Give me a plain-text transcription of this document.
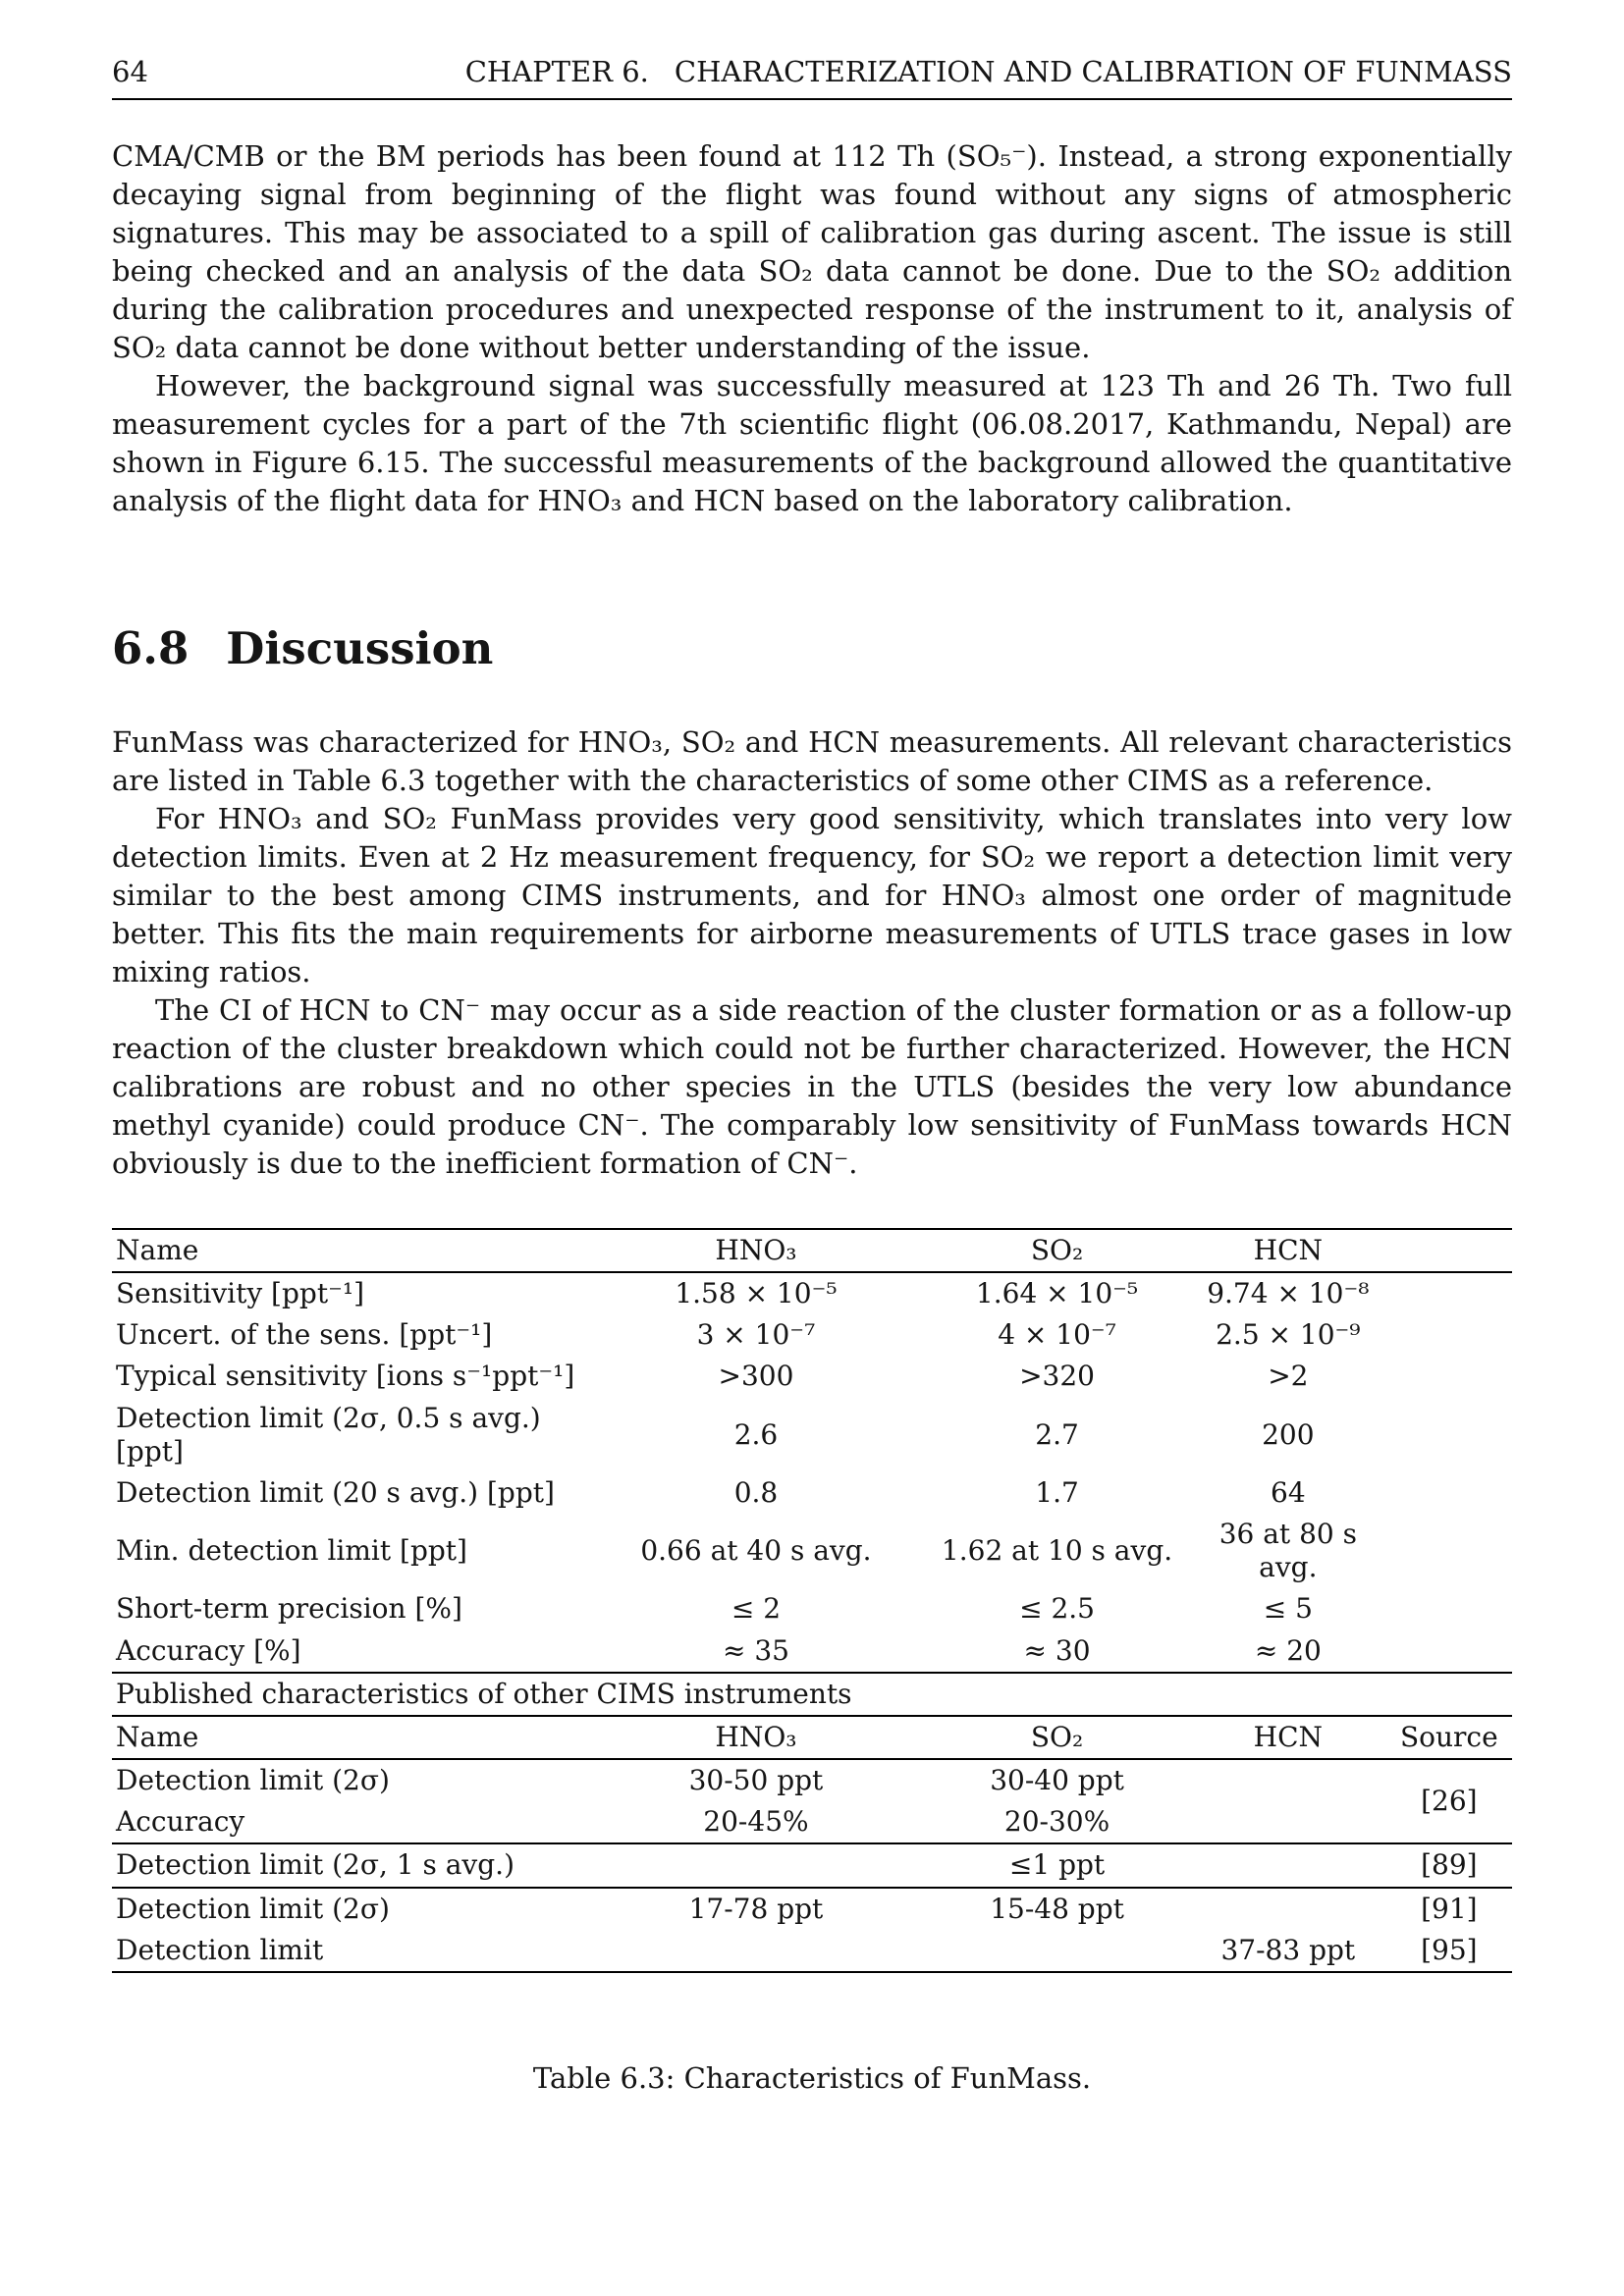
64	CHAPTER 6. CHARACTERIZATION AND CALIBRATION OF FUNMASS

CMA/CMB or the BM periods has been found at 112 Th (SO₅⁻). Instead, a strong exponentially decaying signal from beginning of the flight was found without any signs of atmospheric signatures. This may be associated to a spill of calibration gas during ascent. The issue is still being checked and an analysis of the data SO₂ data cannot be done. Due to the SO₂ addition during the calibration procedures and unexpected response of the instrument to it, analysis of SO₂ data cannot be done without better understanding of the issue.

However, the background signal was successfully measured at 123 Th and 26 Th. Two full measurement cycles for a part of the 7th scientific flight (06.08.2017, Kathmandu, Nepal) are shown in Figure 6.15. The successful measurements of the background allowed the quantitative analysis of the flight data for HNO₃ and HCN based on the laboratory calibration.

6.8 Discussion

FunMass was characterized for HNO₃, SO₂ and HCN measurements. All relevant characteristics are listed in Table 6.3 together with the characteristics of some other CIMS as a reference.

For HNO₃ and SO₂ FunMass provides very good sensitivity, which translates into very low detection limits. Even at 2 Hz measurement frequency, for SO₂ we report a detection limit very similar to the best among CIMS instruments, and for HNO₃ almost one order of magnitude better. This fits the main requirements for airborne measurements of UTLS trace gases in low mixing ratios.

The CI of HCN to CN⁻ may occur as a side reaction of the cluster formation or as a follow-up reaction of the cluster breakdown which could not be further characterized. However, the HCN calibrations are robust and no other species in the UTLS (besides the very low abundance methyl cyanide) could produce CN⁻. The comparably low sensitivity of FunMass towards HCN obviously is due to the inefficient formation of CN⁻.

Name	HNO₃	SO₂	HCN	
Sensitivity [ppt⁻¹]	1.58 × 10⁻⁵	1.64 × 10⁻⁵	9.74 × 10⁻⁸	
Uncert. of the sens. [ppt⁻¹]	3 × 10⁻⁷	4 × 10⁻⁷	2.5 × 10⁻⁹	
Typical sensitivity [ions s⁻¹ppt⁻¹]	>300	>320	>2	
Detection limit (2σ, 0.5 s avg.) [ppt]	2.6	2.7	200	
Detection limit (20 s avg.) [ppt]	0.8	1.7	64	
Min. detection limit [ppt]	0.66 at 40 s avg.	1.62 at 10 s avg.	36 at 80 s avg.	
Short-term precision [%]	≤ 2	≤ 2.5	≤ 5	
Accuracy [%]	≈ 35	≈ 30	≈ 20	
Published characteristics of other CIMS instruments				
Name	HNO₃	SO₂	HCN	Source
Detection limit (2σ)	30-50 ppt	30-40 ppt		[26]
Accuracy	20-45%	20-30%		
Detection limit (2σ, 1 s avg.)		≤1 ppt		[89]
Detection limit (2σ)	17-78 ppt	15-48 ppt		[91]
Detection limit			37-83 ppt	[95]
Table 6.3: Characteristics of FunMass.
